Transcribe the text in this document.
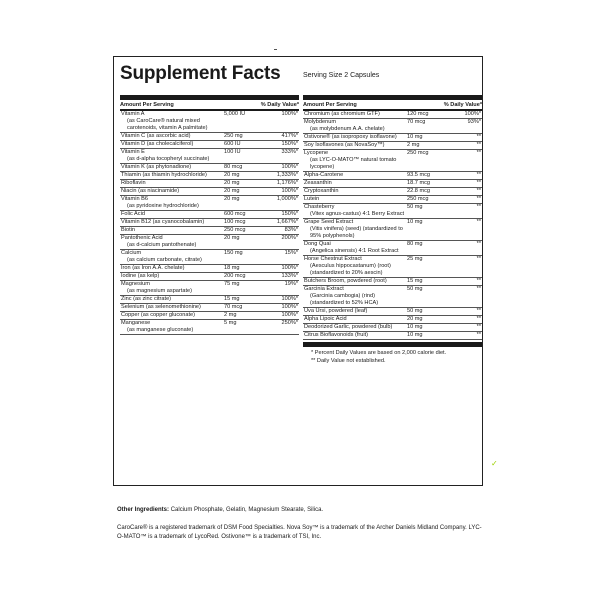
Supplement Facts	Serving Size 2 Capsules
Amount Per Serving	% Daily Value*
Vitamin A
(as CaroCare® natural mixed carotenoids, vitamin A palmitate)
5,000 IU	100%*
Vitamin C (as ascorbic acid)	250 mg	417%*
Vitamin D (as cholecalciferol)	600 IU	150%*
Vitamin E
(as d-alpha tocopheryl succinate)
100 IU	333%*
Vitamin K (as phytonadione)	80 mcg	100%*
Thiamin (as thiamin hydrochloride)	20 mg	1,333%*
Riboflavin	20 mg	1,176%*
Niacin (as niacinamide)	20 mg	100%*
Vitamin B6
(as pyridoxine hydrochloride)
20 mg	1,000%*
Folic Acid	600 mcg	150%*
Vitamin B12 (as cyanocobalamin)	100 mcg	1,667%*
Biotin	250 mcg	83%*
Pantothenic Acid
(as d-calcium pantothenate)
20 mg	200%*
Calcium
(as calcium carbonate, citrate)
150 mg	15%*
Iron (as Iron A.A. chelate)	18 mg	100%*
Iodine (as kelp)	200 mcg	133%*
Magnesium
(as magnesium aspartate)
75 mg	19%*
Zinc (as zinc citrate)	15 mg	100%*
Selenium (as selenomethionine)	70 mcg	100%*
Copper (as copper gluconate)	2 mg	100%*
Manganese
(as manganese gluconate)
5 mg	250%*
Amount Per Serving	% Daily Value*
Chromium (as chromium GTF)	120 mcg	100%*
Molybdenum
(as molybdenum A.A. chelate)
70 mcg	93%*
Ostivone® (as isopropoxy isoflavone)	10 mg	**
Soy Isoflavones (as NovaSoy™)	2 mg	**
Lycopene
(as LYC-O-MATO™ natural tomato lycopene)
250 mcg	**
Alpha-Carotene	93.5 mcg	**
Zeaxanthin	18.7 mcg	**
Cryptoxanthin	22.8 mcg	**
Lutein	250 mcg	**
Chasteberry
(Vitex agnus-castus) 4:1 Berry Extract
50 mg	**
Grape Seed Extract
(Vitis vinifera) (seed) (standardized to 95% polyphenols)
10 mg	**
Dong Quai
(Angelica sinensis) 4:1 Root Extract
80 mg	**
Horse Chestnut Extract
(Aesculus hippocastanum) (root) (standardized to 20% aescin)
25 mg	**
Butchers Broom, powdered (root)	15 mg	**
Garcinia Extract
(Garcinia cambogia) (rind) (standardized to 52% HCA)
50 mg	**
Uva Ursi, powdered (leaf)	50 mg	**
Alpha Lipoic Acid	20 mg	**
Deodorized Garlic, powdered (bulb)	10 mg	**
Citrus Bioflavonoids (fruit)	10 mg	**
* Percent Daily Values are based on 2,000 calorie diet.
** Daily Value not established.
✓
Other Ingredients: Calcium Phosphate, Gelatin, Magnesium Stearate, Silica.
CaroCare® is a registered trademark of DSM Food Specialties. Nova Soy™ is a trademark of the Archer Daniels Midland Company. LYC-O-MATO™ is a trademark of LycoRed. Ostivone™ is a trademark of TSI, Inc.
